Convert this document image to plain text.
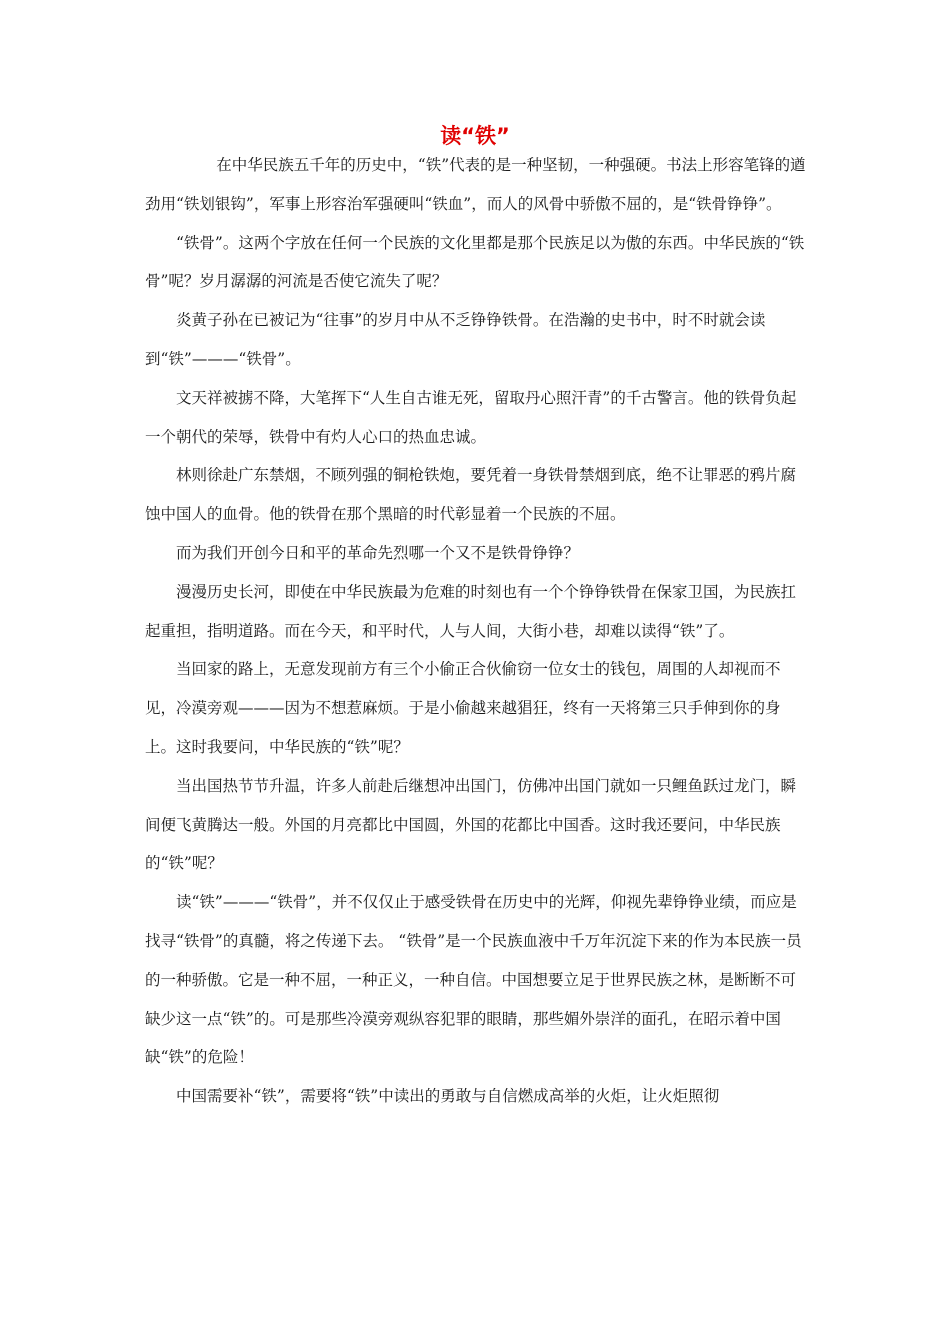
读“铁”

在中华民族五千年的历史中，“铁”代表的是一种坚韧，一种强硬。书法上形容笔锋的遒劲用“铁划银钩”，军事上形容治军强硬叫“铁血”，而人的风骨中骄傲不屈的，是“铁骨铮铮”。

“铁骨”。这两个字放在任何一个民族的文化里都是那个民族足以为傲的东西。中华民族的“铁骨”呢？岁月潺潺的河流是否使它流失了呢？

炎黄子孙在已被记为“往事”的岁月中从不乏铮铮铁骨。在浩瀚的史书中，时不时就会读到“铁”———“铁骨”。

文天祥被掳不降，大笔挥下“人生自古谁无死，留取丹心照汗青”的千古警言。他的铁骨负起一个朝代的荣辱，铁骨中有灼人心口的热血忠诚。

林则徐赴广东禁烟，不顾列强的铜枪铁炮，要凭着一身铁骨禁烟到底，绝不让罪恶的鸦片腐蚀中国人的血骨。他的铁骨在那个黑暗的时代彰显着一个民族的不屈。

而为我们开创今日和平的革命先烈哪一个又不是铁骨铮铮？

漫漫历史长河，即使在中华民族最为危难的时刻也有一个个铮铮铁骨在保家卫国，为民族扛起重担，指明道路。而在今天，和平时代，人与人间，大街小巷，却难以读得“铁”了。

当回家的路上，无意发现前方有三个小偷正合伙偷窃一位女士的钱包，周围的人却视而不见，冷漠旁观———因为不想惹麻烦。于是小偷越来越猖狂，终有一天将第三只手伸到你的身上。这时我要问，中华民族的“铁”呢？

当出国热节节升温，许多人前赴后继想冲出国门，仿佛冲出国门就如一只鲤鱼跃过龙门，瞬间便飞黄腾达一般。外国的月亮都比中国圆，外国的花都比中国香。这时我还要问，中华民族的“铁”呢？

读“铁”———“铁骨”，并不仅仅止于感受铁骨在历史中的光辉，仰视先辈铮铮业绩，而应是找寻“铁骨”的真髓，将之传递下去。 “铁骨”是一个民族血液中千万年沉淀下来的作为本民族一员的一种骄傲。它是一种不屈，一种正义，一种自信。中国想要立足于世界民族之林，是断断不可缺少这一点“铁”的。可是那些冷漠旁观纵容犯罪的眼睛，那些媚外崇洋的面孔，在昭示着中国缺“铁”的危险！

中国需要补“铁”，需要将“铁”中读出的勇敢与自信燃成高举的火炬，让火炬照彻
